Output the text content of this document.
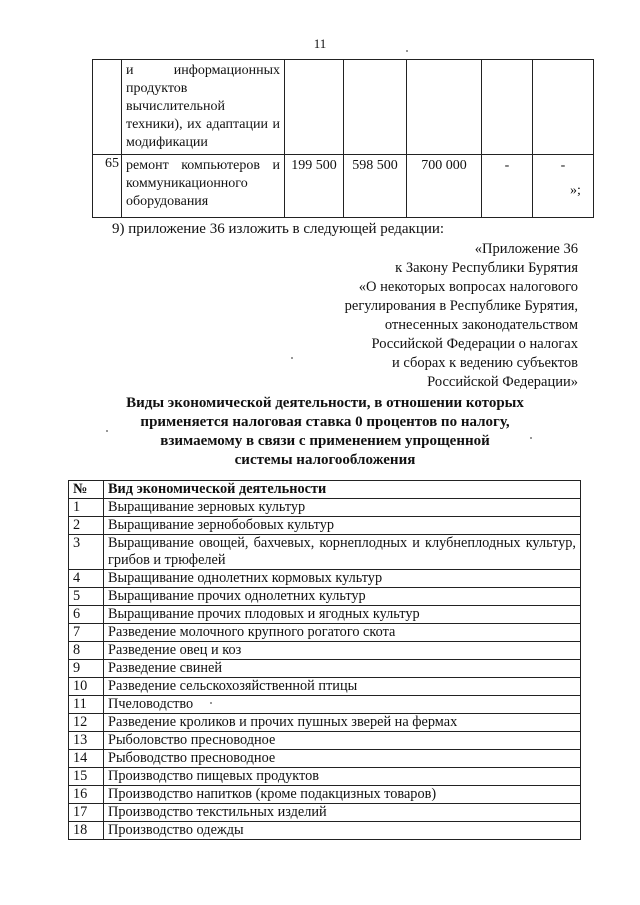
11
	и информационных продуктов вычислительной техники), их адаптации и модификации					
65	ремонт компьютеров и коммуникационного оборудования	199 500	598 500	700 000	-	-
»;
9) приложение 36 изложить в следующей редакции:
«Приложение 36
к Закону Республики Бурятия
«О некоторых вопросах налогового
регулирования в Республике Бурятия,
отнесенных законодательством
Российской Федерации о налогах
и сборах к ведению субъектов
Российской Федерации»
Виды экономической деятельности, в отношении которых
применяется налоговая ставка 0 процентов по налогу,
взимаемому в связи с применением упрощенной
системы налогообложения
№	Вид экономической деятельности
1	Выращивание зерновых культур
2	Выращивание зернобобовых культур
3	Выращивание овощей, бахчевых, корнеплодных и клубнеплодных культур, грибов и трюфелей
4	Выращивание однолетних кормовых культур
5	Выращивание прочих однолетних культур
6	Выращивание прочих плодовых и ягодных культур
7	Разведение молочного крупного рогатого скота
8	Разведение овец и коз
9	Разведение свиней
10	Разведение сельскохозяйственной птицы
11	Пчеловодство
12	Разведение кроликов и прочих пушных зверей на фермах
13	Рыболовство пресноводное
14	Рыбоводство пресноводное
15	Производство пищевых продуктов
16	Производство напитков (кроме подакцизных товаров)
17	Производство текстильных изделий
18	Производство одежды
